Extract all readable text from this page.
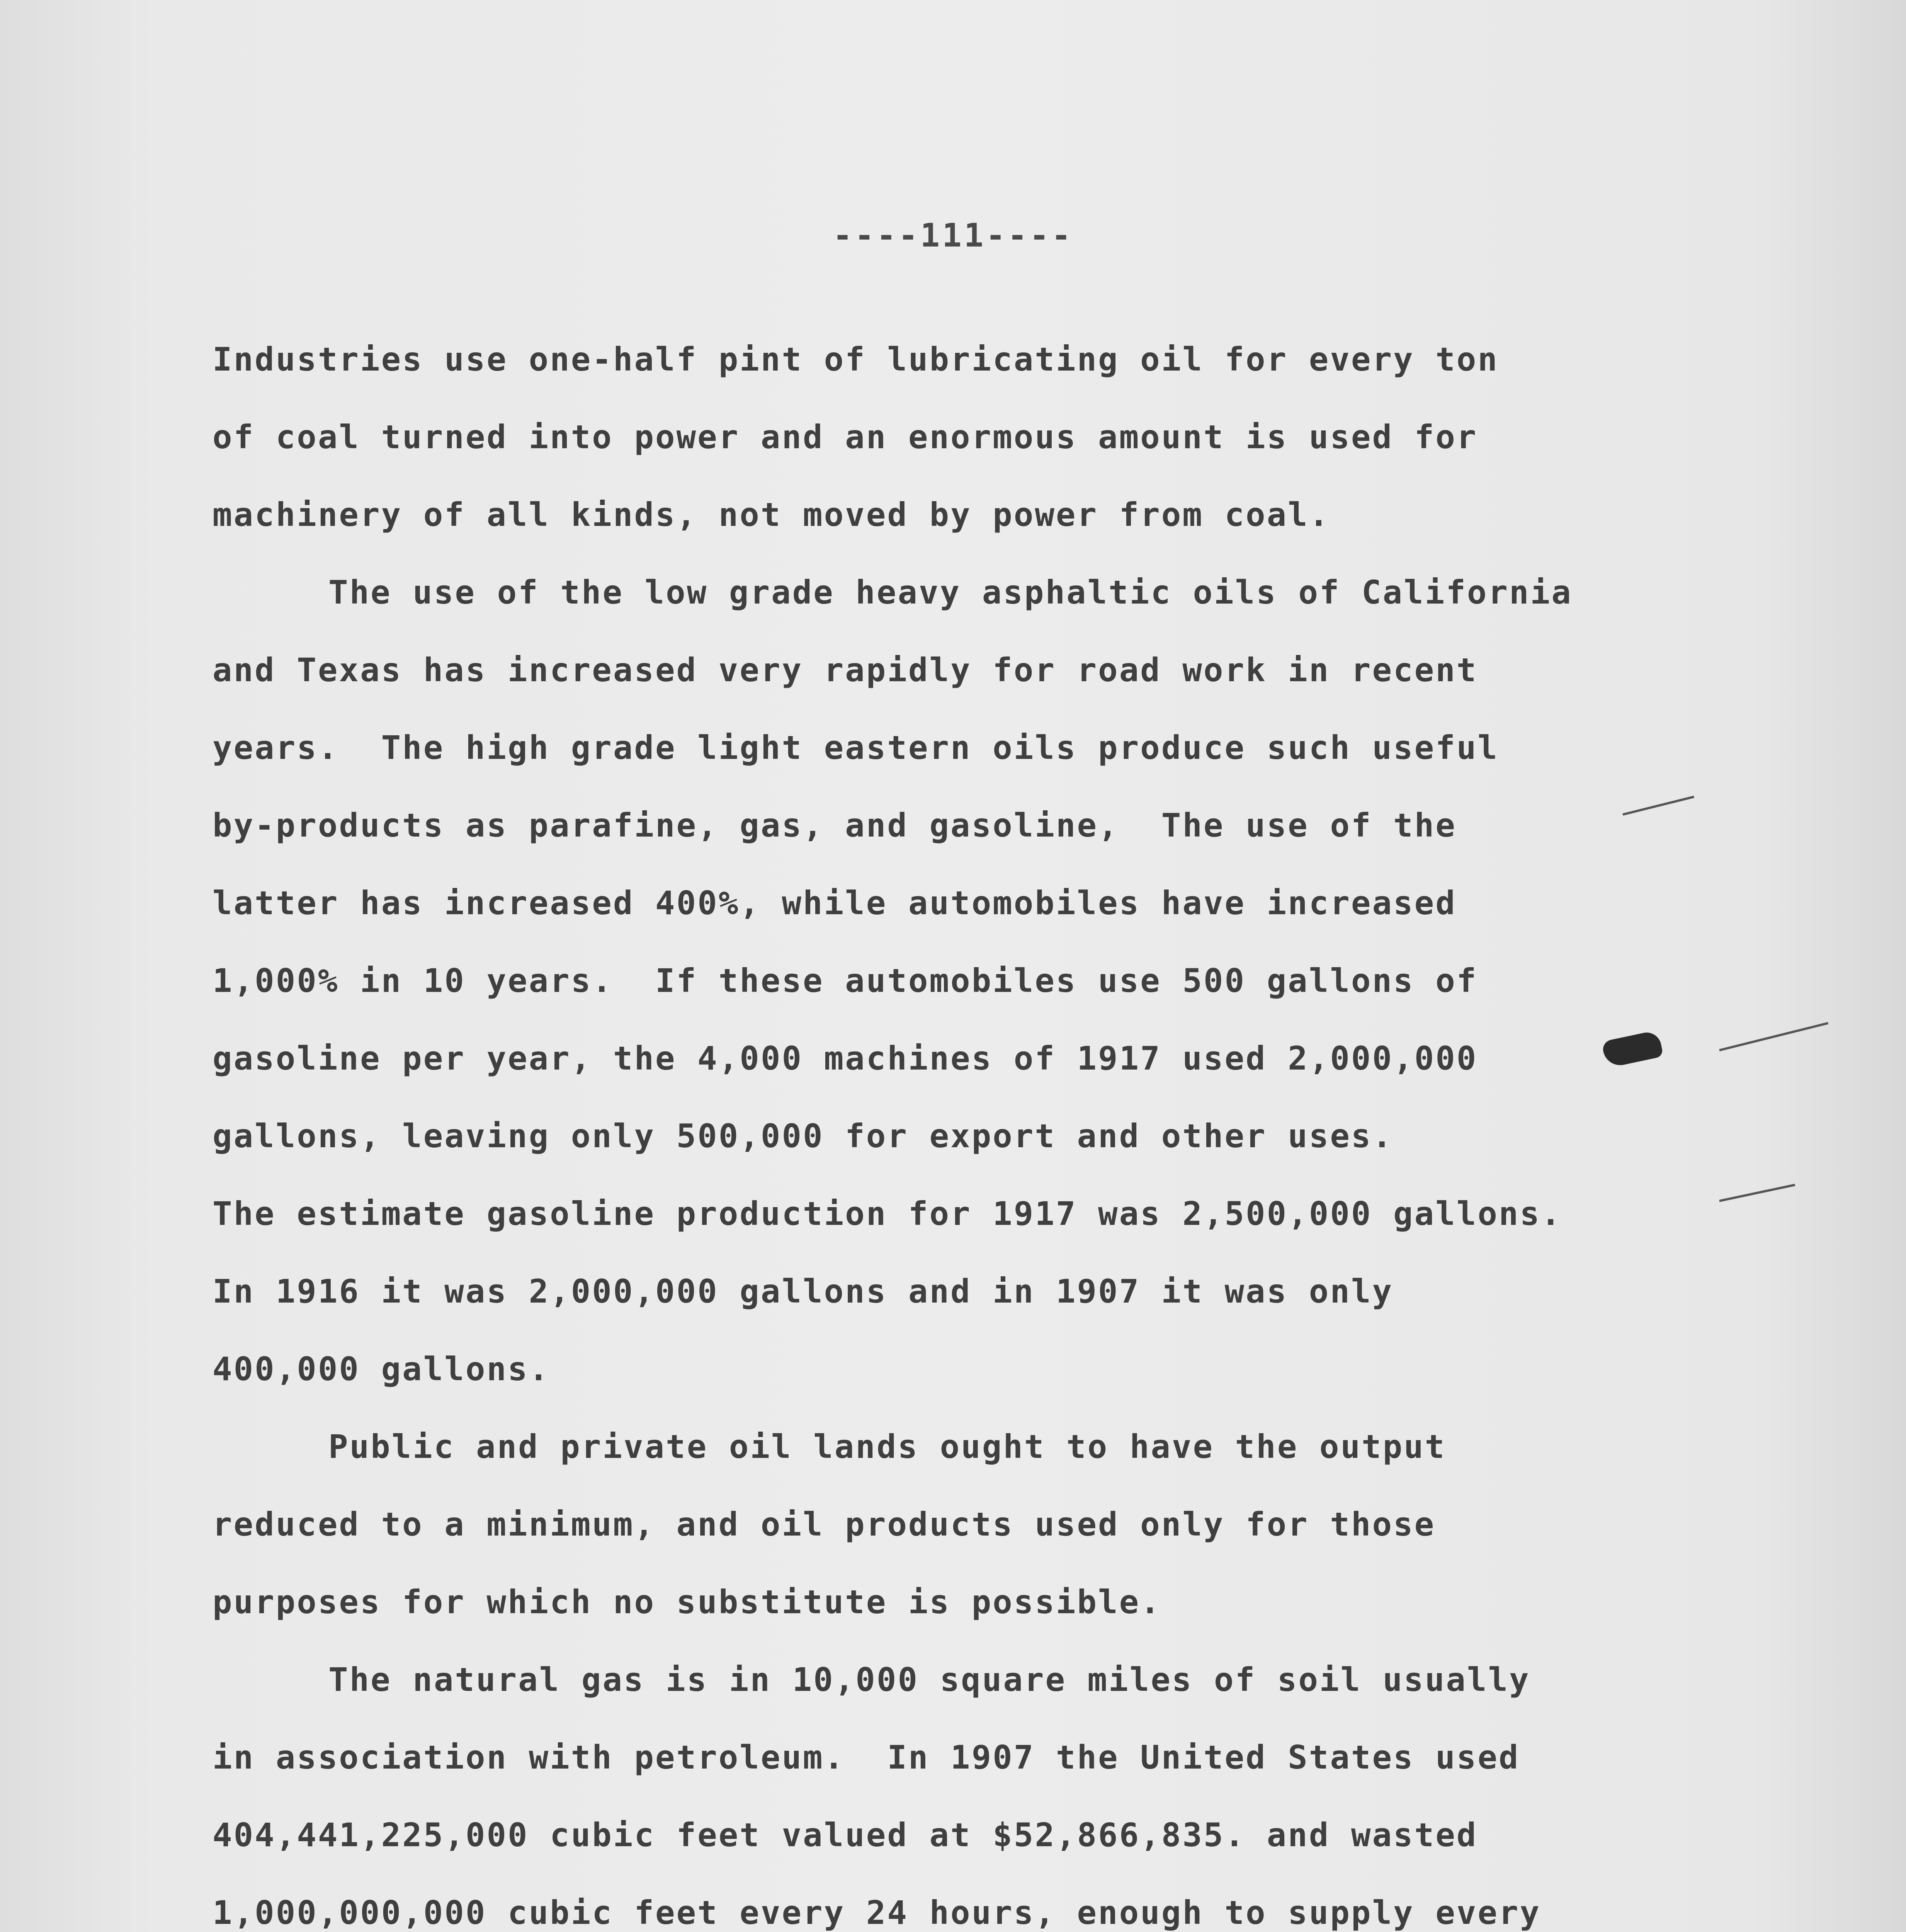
----111----
Industries use one-half pint of lubricating oil for every ton
of coal turned into power and an enormous amount is used for
machinery of all kinds, not moved by power from coal.
The use of the low grade heavy asphaltic oils of California
and Texas has increased very rapidly for road work in recent
years.  The high grade light eastern oils produce such useful
by-products as parafine, gas, and gasoline,  The use of the
latter has increased 400%, while automobiles have increased
1,000% in 10 years.  If these automobiles use 500 gallons of
gasoline per year, the 4,000 machines of 1917 used 2,000,000
gallons, leaving only 500,000 for export and other uses.
The estimate gasoline production for 1917 was 2,500,000 gallons.
In 1916 it was 2,000,000 gallons and in 1907 it was only
400,000 gallons.
Public and private oil lands ought to have the output
reduced to a minimum, and oil products used only for those
purposes for which no substitute is possible.
The natural gas is in 10,000 square miles of soil usually
in association with petroleum.  In 1907 the United States used
404,441,225,000 cubic feet valued at $52,866,835. and wasted
1,000,000,000 cubic feet every 24 hours, enough to supply every
